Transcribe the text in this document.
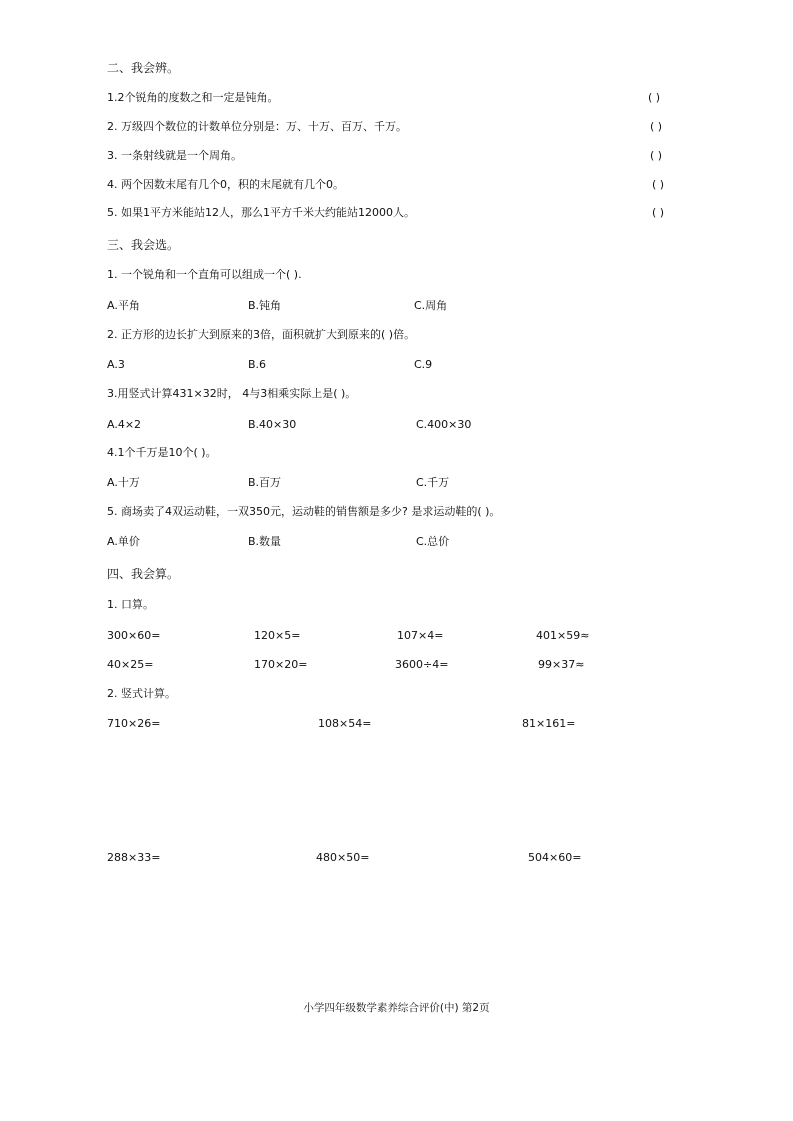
二、我会辨。
1.2个锐角的度数之和一定是钝角。	( )
2. 万级四个数位的计数单位分别是：万、十万、百万、千万。	( )
3. 一条射线就是一个周角。	( )
4. 两个因数末尾有几个0，积的末尾就有几个0。	( )
5. 如果1平方米能站12人，那么1平方千米大约能站12000人。	( )
三、我会选。
1. 一个锐角和一个直角可以组成一个( ).
A.平角	B.钝角	C.周角
2. 正方形的边长扩大到原来的3倍，面积就扩大到原来的( )倍。
A.3	B.6	C.9
3.用竖式计算431×32时， 4与3相乘实际上是( )。
A.4×2	B.40×30	C.400×30
4.1个千万是10个( )。
A.十万	B.百万	C.千万
5. 商场卖了4双运动鞋，一双350元，运动鞋的销售额是多少? 是求运动鞋的( )。
A.单价	B.数量	C.总价
四、我会算。
1. 口算。
300×60=	120×5=	107×4=	401×59≈
40×25=	170×20=	3600÷4=	99×37≈
2. 竖式计算。
710×26=	108×54=	81×161=
288×33=	480×50=	504×60=
小学四年级数学素养综合评价(中) 第2页
